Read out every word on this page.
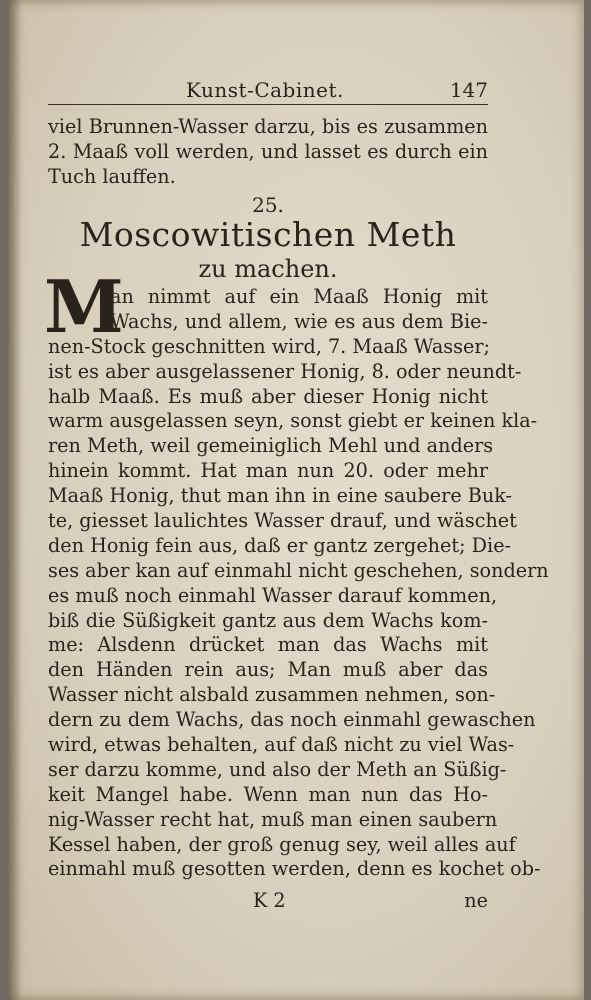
Kunst-Cabinet.	147
viel Brunnen-Wasser darzu, bis es zusammen
2. Maaß voll werden, und lasset es durch ein
Tuch lauffen.
25.
Moscowitischen Meth
zu machen.
M
an nimmt auf ein Maaß Honig mit
Wachs, und allem, wie es aus dem Bie-
nen-Stock geschnitten wird, 7. Maaß Wasser;
ist es aber ausgelassener Honig, 8. oder neundt-
halb Maaß. Es muß aber dieser Honig nicht
warm ausgelassen seyn, sonst giebt er keinen kla-
ren Meth, weil gemeiniglich Mehl und anders
hinein kommt. Hat man nun 20. oder mehr
Maaß Honig, thut man ihn in eine saubere Buk-
te, giesset laulichtes Wasser drauf, und wäschet
den Honig fein aus, daß er gantz zergehet; Die-
ses aber kan auf einmahl nicht geschehen, sondern
es muß noch einmahl Wasser darauf kommen,
biß die Süßigkeit gantz aus dem Wachs kom-
me: Alsdenn drücket man das Wachs mit
den Händen rein aus; Man muß aber das
Wasser nicht alsbald zusammen nehmen, son-
dern zu dem Wachs, das noch einmahl gewaschen
wird, etwas behalten, auf daß nicht zu viel Was-
ser darzu komme, und also der Meth an Süßig-
keit Mangel habe. Wenn man nun das Ho-
nig-Wasser recht hat, muß man einen saubern
Kessel haben, der groß genug sey, weil alles auf
einmahl muß gesotten werden, denn es kochet ob-
K 2	ne
